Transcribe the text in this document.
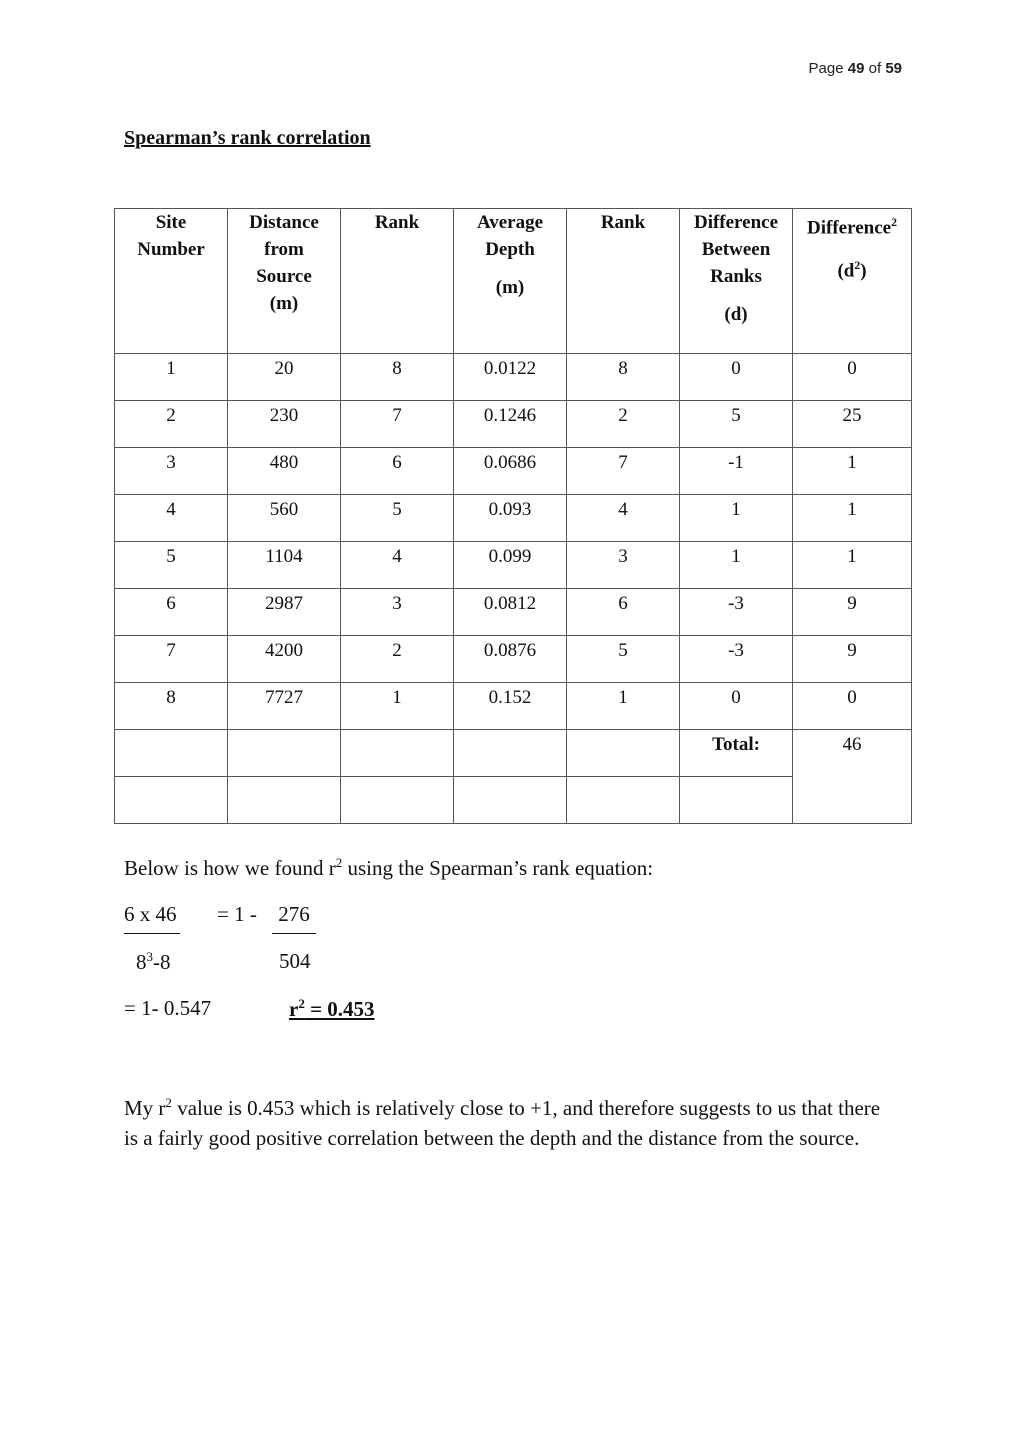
Page 49 of 59
Spearman’s rank correlation
Site
Number	Distance
from
Source
(m)	Rank	Average
Depth
(m)	Rank	Difference
Between
Ranks
(d)	Difference$^2$
$(d^2)$

1	20	8	0.0122	8	0	0
2	230	7	0.1246	2	5	25
3	480	6	0.0686	7	-1	1
4	560	5	0.093	4	1	1
5	1104	4	0.099	3	1	1
6	2987	3	0.0812	6	-3	9
7	4200	2	0.0876	5	-3	9
8	7727	1	0.152	1	0	0
					Total:	46

Below is how we found $r^2$ using the Spearman’s rank equation:
6 x 46 = 1 - 276
$8^3-8$	504
= 1- 0.547	$r^2 = 0.453$
My $r^2$ value is 0.453 which is relatively close to +1, and therefore suggests to us that there is a fairly good positive correlation between the depth and the distance from the source.
